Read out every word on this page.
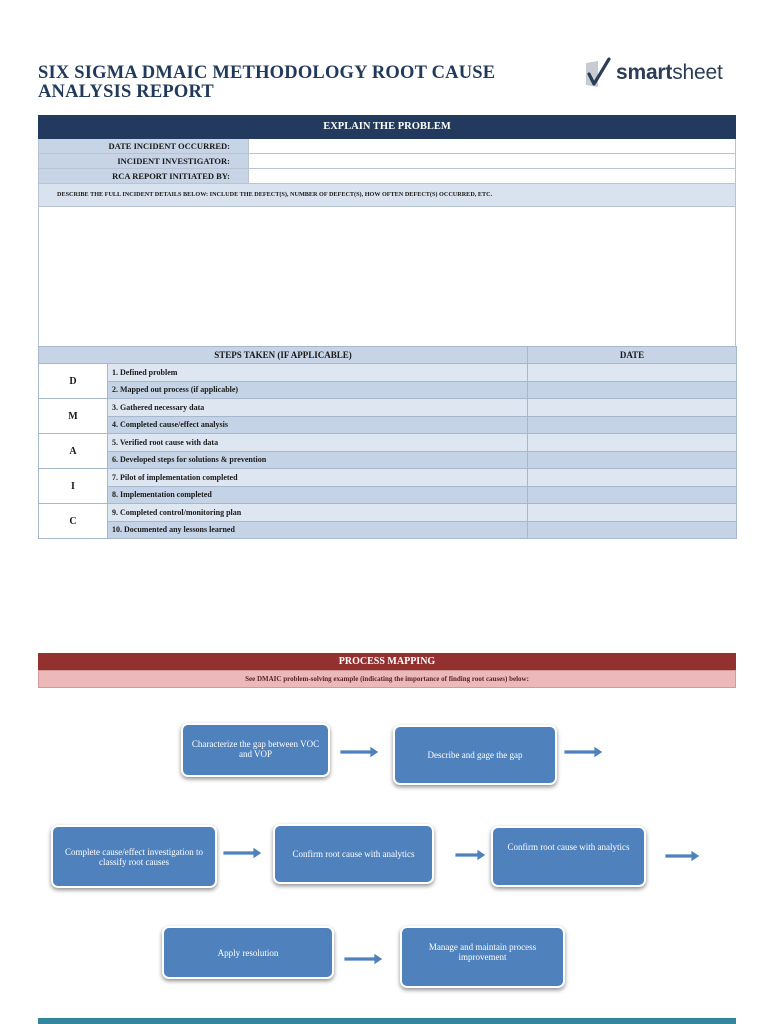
SIX SIGMA DMAIC METHODOLOGY ROOT CAUSE ANALYSIS REPORT
smartsheet
EXPLAIN THE PROBLEM
DATE INCIDENT OCCURRED:
INCIDENT INVESTIGATOR:
RCA REPORT INITIATED BY:
DESCRIBE THE FULL INCIDENT DETAILS BELOW: INCLUDE THE DEFECT(S), NUMBER OF DEFECT(S), HOW OFTEN DEFECT(S) OCCURRED, ETC.
STEPS TAKEN (IF APPLICABLE)		DATE
D	1. Defined problem	
	2. Mapped out process (if applicable)	
M	3. Gathered necessary data	
	4. Completed cause/effect analysis	
A	5. Verified root cause with data	
	6. Developed steps for solutions & prevention	
I	7. Pilot of implementation completed	
	8. Implementation completed	
C	9. Completed control/monitoring plan	
	10. Documented any lessons learned	
PROCESS MAPPING
See DMAIC problem-solving example (indicating the importance of finding root causes) below:
Characterize the gap between VOC and VOP	Describe and gage the gap
Complete cause/effect investigation to classify root causes
Confirm root cause with analytics
Confirm root cause with analytics
Apply resolution
Manage and maintain process improvement
